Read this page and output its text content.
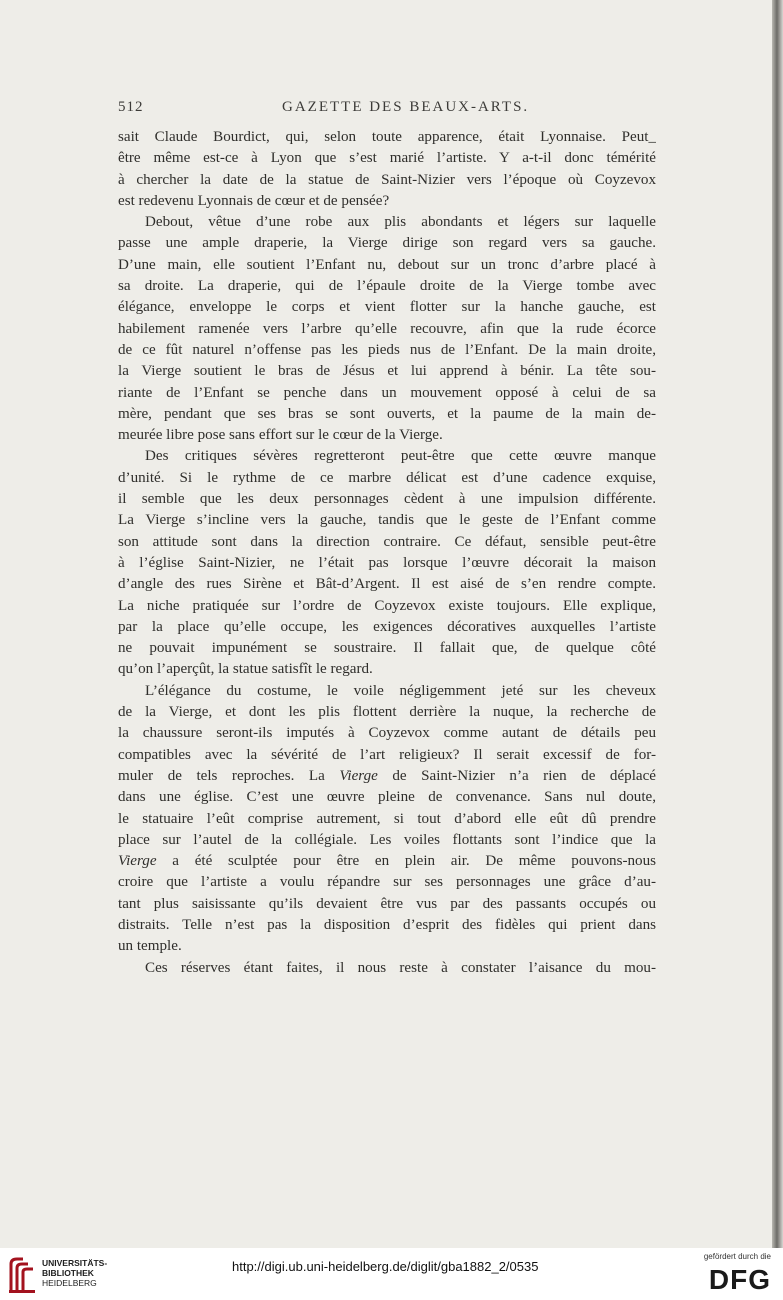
512	GAZETTE DES BEAUX-ARTS.
sait Claude Bourdict, qui, selon toute apparence, était Lyonnaise. Peut_
être même est-ce à Lyon que s’est marié l’artiste. Y a-t-il donc témérité
à chercher la date de la statue de Saint-Nizier vers l’époque où Coyzevox
est redevenu Lyonnais de cœur et de pensée?
Debout, vêtue d’une robe aux plis abondants et légers sur laquelle
passe une ample draperie, la Vierge dirige son regard vers sa gauche.
D’une main, elle soutient l’Enfant nu, debout sur un tronc d’arbre placé à
sa droite. La draperie, qui de l’épaule droite de la Vierge tombe avec
élégance, enveloppe le corps et vient flotter sur la hanche gauche, est
habilement ramenée vers l’arbre qu’elle recouvre, afin que la rude écorce
de ce fût naturel n’offense pas les pieds nus de l’Enfant. De la main droite,
la Vierge soutient le bras de Jésus et lui apprend à bénir. La tête sou-
riante de l’Enfant se penche dans un mouvement opposé à celui de sa
mère, pendant que ses bras se sont ouverts, et la paume de la main de-
meurée libre pose sans effort sur le cœur de la Vierge.
Des critiques sévères regretteront peut-être que cette œuvre manque
d’unité. Si le rythme de ce marbre délicat est d’une cadence exquise,
il semble que les deux personnages cèdent à une impulsion différente.
La Vierge s’incline vers la gauche, tandis que le geste de l’Enfant comme
son attitude sont dans la direction contraire. Ce défaut, sensible peut-être
à l’église Saint-Nizier, ne l’était pas lorsque l’œuvre décorait la maison
d’angle des rues Sirène et Bât-d’Argent. Il est aisé de s’en rendre compte.
La niche pratiquée sur l’ordre de Coyzevox existe toujours. Elle explique,
par la place qu’elle occupe, les exigences décoratives auxquelles l’artiste
ne pouvait impunément se soustraire. Il fallait que, de quelque côté
qu’on l’aperçût, la statue satisfît le regard.
L’élégance du costume, le voile négligemment jeté sur les cheveux
de la Vierge, et dont les plis flottent derrière la nuque, la recherche de
la chaussure seront-ils imputés à Coyzevox comme autant de détails peu
compatibles avec la sévérité de l’art religieux? Il serait excessif de for-
muler de tels reproches. La Vierge de Saint-Nizier n’a rien de déplacé
dans une église. C’est une œuvre pleine de convenance. Sans nul doute,
le statuaire l’eût comprise autrement, si tout d’abord elle eût dû prendre
place sur l’autel de la collégiale. Les voiles flottants sont l’indice que la
Vierge a été sculptée pour être en plein air. De même pouvons-nous
croire que l’artiste a voulu répandre sur ses personnages une grâce d’au-
tant plus saisissante qu’ils devaient être vus par des passants occupés ou
distraits. Telle n’est pas la disposition d’esprit des fidèles qui prient dans
un temple.
Ces réserves étant faites, il nous reste à constater l’aisance du mou-
UNIVERSITÄTS-
BIBLIOTHEK
HEIDELBERG
http://digi.ub.uni-heidelberg.de/diglit/gba1882_2/0535
gefördert durch die
DFG
